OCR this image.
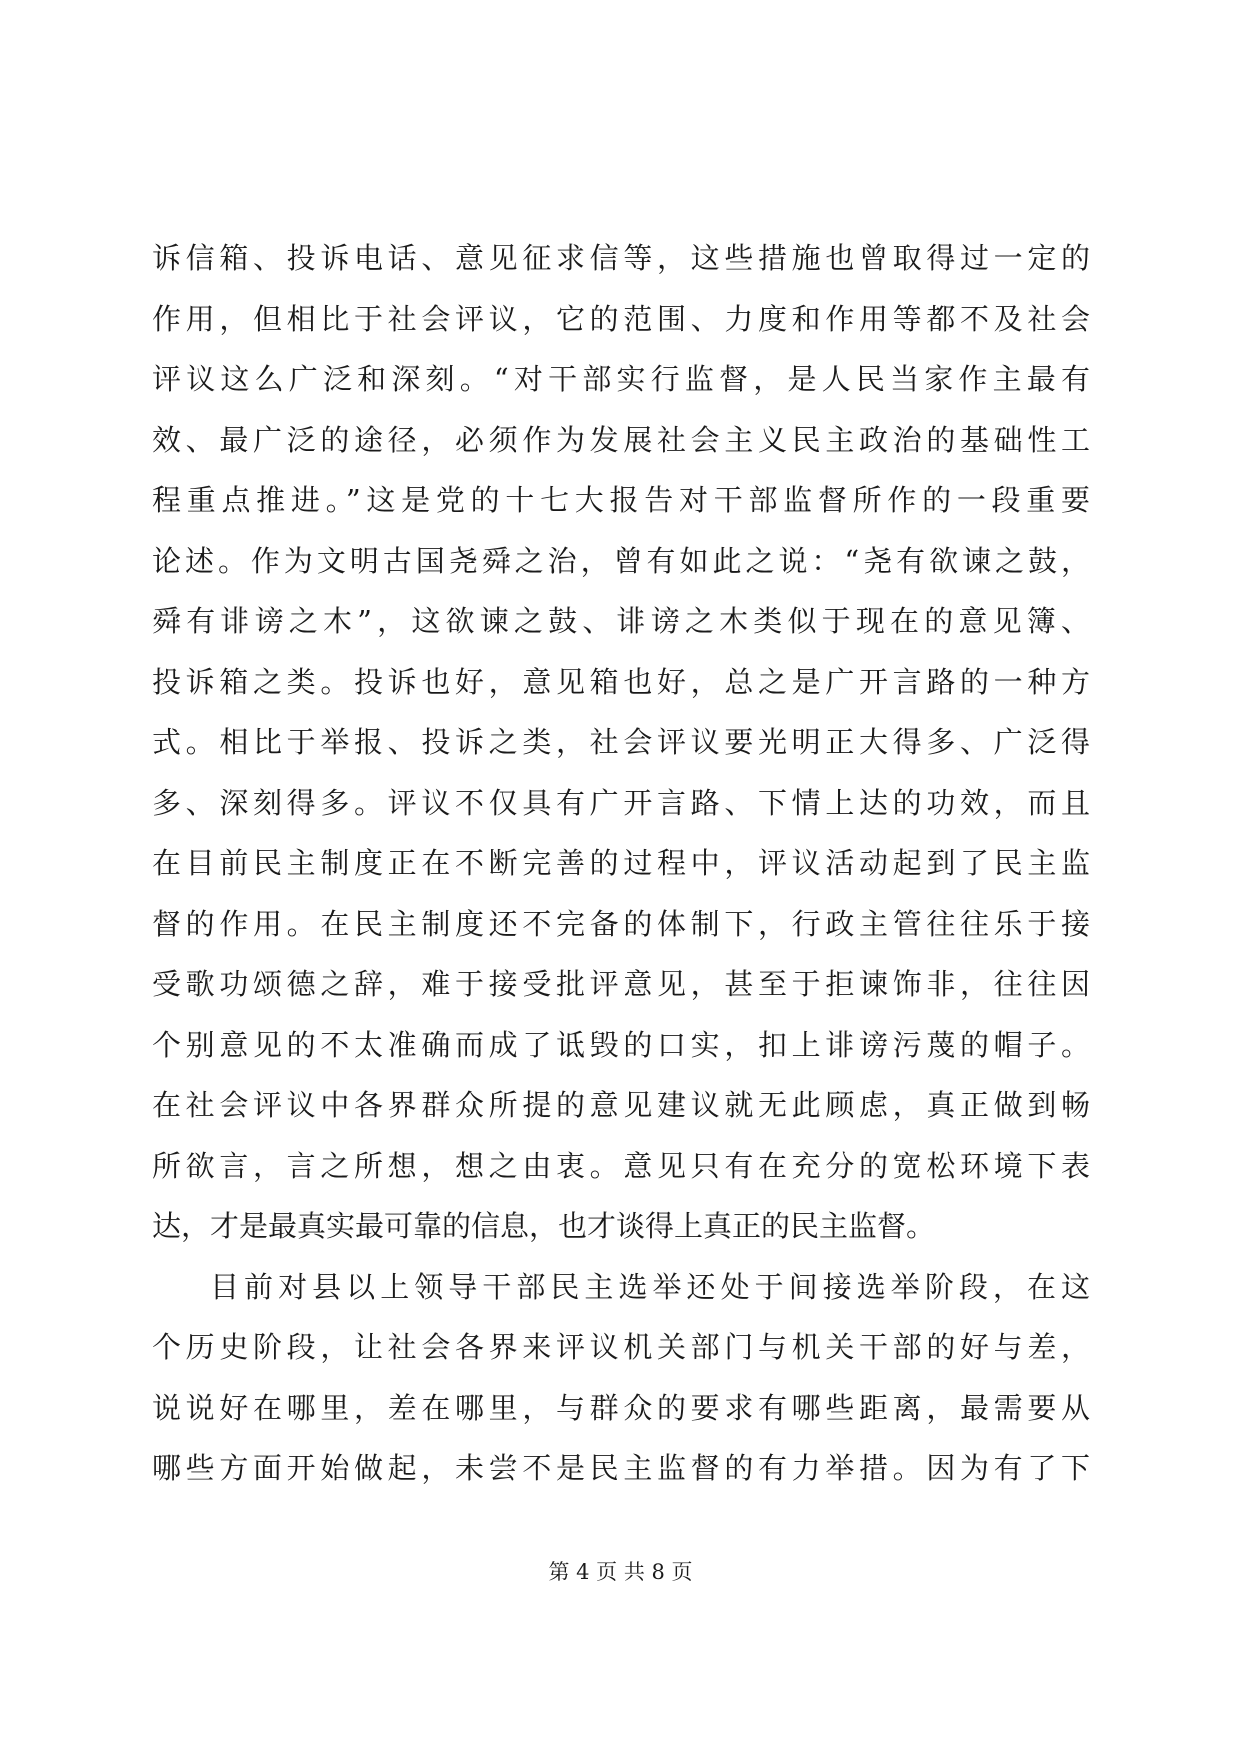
诉信箱、投诉电话、意见征求信等，这些措施也曾取得过一定的
作用，但相比于社会评议，它的范围、力度和作用等都不及社会
评议这么广泛和深刻。“对干部实行监督，是人民当家作主最有
效、最广泛的途径，必须作为发展社会主义民主政治的基础性工
程重点推进。”这是党的十七大报告对干部监督所作的一段重要
论述。作为文明古国尧舜之治，曾有如此之说：“尧有欲谏之鼓，
舜有诽谤之木”，这欲谏之鼓、诽谤之木类似于现在的意见簿、
投诉箱之类。投诉也好，意见箱也好，总之是广开言路的一种方
式。相比于举报、投诉之类，社会评议要光明正大得多、广泛得
多、深刻得多。评议不仅具有广开言路、下情上达的功效，而且
在目前民主制度正在不断完善的过程中，评议活动起到了民主监
督的作用。在民主制度还不完备的体制下，行政主管往往乐于接
受歌功颂德之辞，难于接受批评意见，甚至于拒谏饰非，往往因
个别意见的不太准确而成了诋毁的口实，扣上诽谤污蔑的帽子。
在社会评议中各界群众所提的意见建议就无此顾虑，真正做到畅
所欲言，言之所想，想之由衷。意见只有在充分的宽松环境下表
达，才是最真实最可靠的信息，也才谈得上真正的民主监督。
目前对县以上领导干部民主选举还处于间接选举阶段，在这
个历史阶段，让社会各界来评议机关部门与机关干部的好与差，
说说好在哪里，差在哪里，与群众的要求有哪些距离，最需要从
哪些方面开始做起，未尝不是民主监督的有力举措。因为有了下
第 4 页 共 8 页
